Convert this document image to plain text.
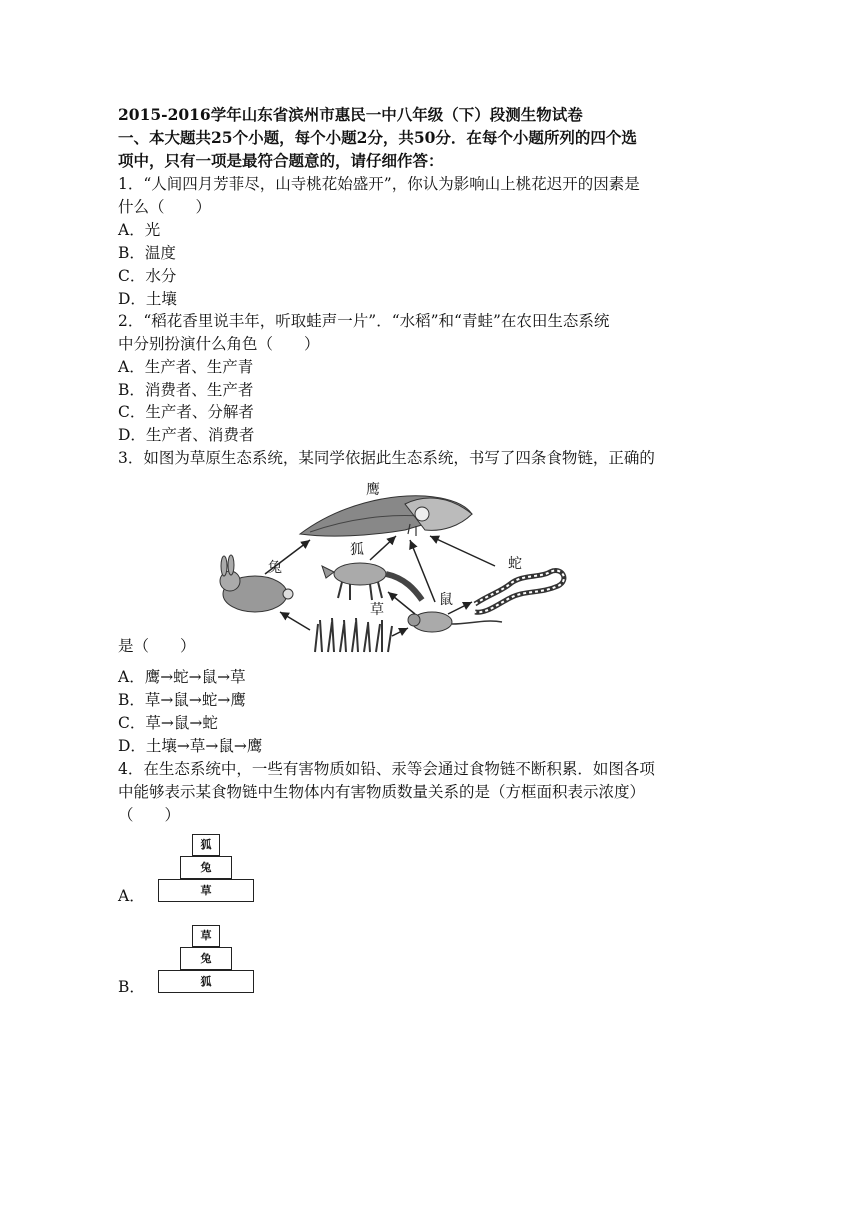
2015-2016学年山东省滨州市惠民一中八年级（下）段测生物试卷
一、本大题共25个小题，每个小题2分，共50分．在每个小题所列的四个选
项中，只有一项是最符合题意的，请仔细作答：
1．“人间四月芳菲尽，山寺桃花始盛开”，你认为影响山上桃花迟开的因素是
什么（　　）
A．光
B．温度
C．水分
D．土壤
2．“稻花香里说丰年，听取蛙声一片”．“水稻”和“青蛙”在农田生态系统
中分别扮演什么角色（　　）
A．生产者、生产青
B．消费者、生产者
C．生产者、分解者
D．生产者、消费者
3．如图为草原生态系统，某同学依据此生态系统，书写了四条食物链，正确的
鹰
兔
狐
蛇
鼠
草
是（　　）
A．鹰→蛇→鼠→草
B．草→鼠→蛇→鹰
C．草→鼠→蛇
D．土壤→草→鼠→鹰
4．在生态系统中，一些有害物质如铅、汞等会通过食物链不断积累．如图各项
中能够表示某食物链中生物体内有害物质数量关系的是（方框面积表示浓度）
（　　）
狐
兔
草
A．
草
兔
狐
B．
